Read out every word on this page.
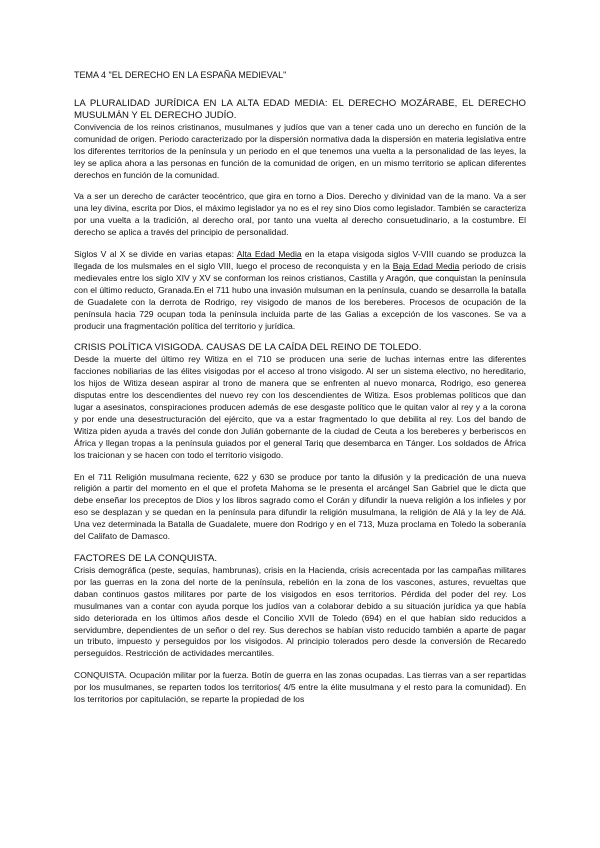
TEMA 4 "EL DERECHO EN LA ESPAÑA MEDIEVAL"

LA PLURALIDAD JURÍDICA EN LA ALTA EDAD MEDIA: EL DERECHO MOZÁRABE, EL DERECHO MUSULMÁN Y EL DERECHO JUDÍO.

Convivencia de los reinos cristinanos, musulmanes y judíos que van a tener cada uno un derecho en función de la comunidad de origen. Periodo caracterizado por la dispersión normativa dada la dispersión en materia legislativa entre los diferentes territorios de la península y un periodo en el que tenemos una vuelta a la personalidad de las leyes, la ley se aplica ahora a las personas en función de la comunidad de origen, en un mismo territorio se aplican diferentes derechos en función de la comunidad.

Va a ser un derecho de carácter teocéntrico, que gira en torno a Dios. Derecho y divinidad van de la mano. Va a ser una ley divina, escrita por Dios, el máximo legislador ya no es el rey sino Dios como legislador. También se caracteriza por una vuelta a la tradición, al derecho oral, por tanto una vuelta al derecho consuetudinario, a la costumbre. El derecho se aplica a través del principio de personalidad.

Siglos V al X se divide en varias etapas: Alta Edad Media en la etapa visigoda siglos V-VIII cuando se produzca la llegada de los mulsmales en el siglo VIII, luego el proceso de reconquista y en la Baja Edad Media periodo de crisis medievales entre los siglo XIV y XV se conforman los reinos cristianos, Castilla y Aragón, que conquistan la península con el último reducto, Granada.En el 711 hubo una invasión mulsuman en la península, cuando se desarrolla la batalla de Guadalete con la derrota de Rodrigo, rey visigodo de manos de los bereberes. Procesos de ocupación de la península hacia 729 ocupan toda la península incluida parte de las Galias a excepción de los vascones. Se va a producir una fragmentación política del territorio y jurídica.

CRISIS POLÍTICA VISIGODA. CAUSAS DE LA CAÍDA DEL REINO DE TOLEDO.

Desde la muerte del último rey Witiza en el 710 se producen una serie de luchas internas entre las diferentes facciones nobiliarias de las élites visigodas por el acceso al trono visigodo. Al ser un sistema electivo, no hereditario, los hijos de Witiza desean aspirar al trono de manera que se enfrenten al nuevo monarca, Rodrigo, eso generea disputas entre los descendientes del nuevo rey con los descendientes de Witiza. Esos problemas políticos que dan lugar a asesinatos, conspiraciones producen además de ese desgaste político que le quitan valor al rey y a la corona y por ende una desestructuración del ejército, que va a estar fragmentado lo que debilita al rey. Los del bando de Witiza piden ayuda a través del conde don Julián gobernante de la ciudad de Ceuta a los bereberes y berberiscos en África y llegan tropas a la península guiados por el general Tariq que desembarca en Tánger. Los soldados de África los traicionan y se hacen con todo el territorio visigodo.

En el 711 Religión musulmana reciente, 622 y 630 se produce por tanto la difusión y la predicación de una nueva religión a partir del momento en el que el profeta Mahoma se le presenta el arcángel San Gabriel que le dicta que debe enseñar los preceptos de Dios y los libros sagrado como el Corán y difundir la nueva religión a los infieles y por eso se desplazan y se quedan en la península para difundir la religión musulmana, la religión de Alá y la ley de Alá. Una vez determinada la Batalla de Guadalete, muere don Rodrigo y en el 713, Muza proclama en Toledo la soberanía del Califato de Damasco.

FACTORES DE LA CONQUISTA.

Crisis demográfica (peste, sequías, hambrunas), crisis en la Hacienda, crisis acrecentada por las campañas militares por las guerras en la zona del norte de la península, rebelión en la zona de los vascones, astures, revueltas que daban continuos gastos militares por parte de los visigodos en esos territorios. Pérdida del poder del rey. Los musulmanes van a contar con ayuda porque los judíos van a colaborar debido a su situación jurídica ya que había sido deteriorada en los últimos años desde el Concilio XVII de Toledo (694) en el que habían sido reducidos a servidumbre, dependientes de un señor o del rey. Sus derechos se habían visto reducido también a aparte de pagar un tributo, impuesto y perseguidos por los visigodos. Al principio tolerados pero desde la conversión de Recaredo perseguidos. Restricción de actividades mercantiles.

CONQUISTA. Ocupación militar por la fuerza. Botín de guerra en las zonas ocupadas. Las tierras van a ser repartidas por los musulmanes, se reparten todos los territorios( 4/5 entre la élite musulmana y el resto para la comunidad). En los territorios por capitulación, se reparte la propiedad de los
